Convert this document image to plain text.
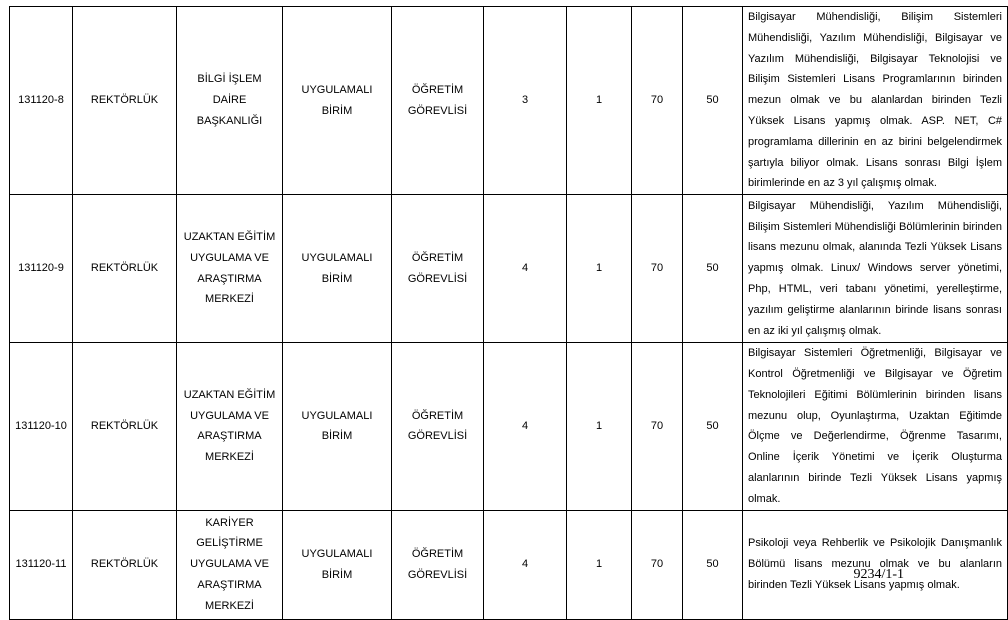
131120-8	REKTÖRLÜK	BİLGİ İŞLEM DAİRE BAŞKANLIĞI	UYGULAMALI BİRİM	ÖĞRETİM GÖREVLİSİ	3	1	70	50	Bilgisayar Mühendisliği, Bilişim Sistemleri Mühendisliği, Yazılım Mühendisliği, Bilgisayar ve Yazılım Mühendisliği, Bilgisayar Teknolojisi ve Bilişim Sistemleri Lisans Programlarının birinden mezun olmak ve bu alanlardan birinden Tezli Yüksek Lisans yapmış olmak. ASP. NET, C# programlama dillerinin en az birini belgelendirmek şartıyla biliyor olmak. Lisans sonrası Bilgi İşlem birimlerinde en az 3 yıl çalışmış olmak.
131120-9	REKTÖRLÜK	UZAKTAN EĞİTİM UYGULAMA VE ARAŞTIRMA MERKEZİ	UYGULAMALI BİRİM	ÖĞRETİM GÖREVLİSİ	4	1	70	50	Bilgisayar Mühendisliği, Yazılım Mühendisliği, Bilişim Sistemleri Mühendisliği Bölümlerinin birinden lisans mezunu olmak, alanında Tezli Yüksek Lisans yapmış olmak. Linux/ Windows server yönetimi, Php, HTML, veri tabanı yönetimi, yerelleştirme, yazılım geliştirme alanlarının birinde lisans sonrası en az iki yıl çalışmış olmak.
131120-10	REKTÖRLÜK	UZAKTAN EĞİTİM UYGULAMA VE ARAŞTIRMA MERKEZİ	UYGULAMALI BİRİM	ÖĞRETİM GÖREVLİSİ	4	1	70	50	Bilgisayar Sistemleri Öğretmenliği, Bilgisayar ve Kontrol Öğretmenliği ve Bilgisayar ve Öğretim Teknolojileri Eğitimi Bölümlerinin birinden lisans mezunu olup, Oyunlaştırma, Uzaktan Eğitimde Ölçme ve Değerlendirme, Öğrenme Tasarımı, Online İçerik Yönetimi ve İçerik Oluşturma alanlarının birinde Tezli Yüksek Lisans yapmış olmak.
131120-11	REKTÖRLÜK	KARİYER GELİŞTİRME UYGULAMA VE ARAŞTIRMA MERKEZİ	UYGULAMALI BİRİM	ÖĞRETİM GÖREVLİSİ	4	1	70	50	Psikoloji veya Rehberlik ve Psikolojik Danışmanlık Bölümü lisans mezunu olmak ve bu alanların birinden Tezli Yüksek Lisans yapmış olmak.
9234/1-1
